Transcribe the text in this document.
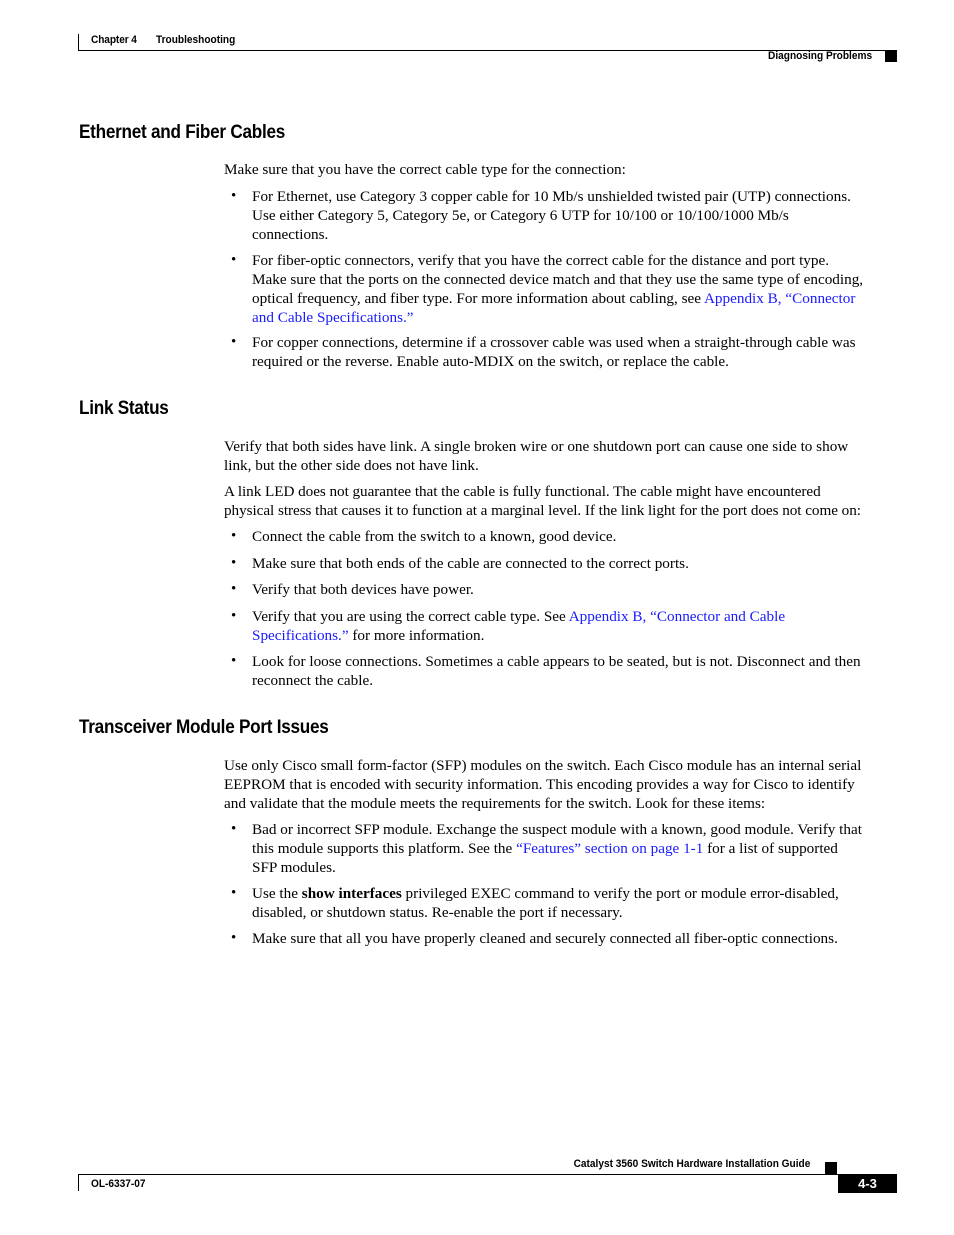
Chapter 4 Troubleshooting
Diagnosing Problems
Ethernet and Fiber Cables

Make sure that you have the correct cable type for the connection:

• For Ethernet, use Category 3 copper cable for 10 Mb/s unshielded twisted pair (UTP) connections.
Use either Category 5, Category 5e, or Category 6 UTP for 10/100 or 10/100/1000 Mb/s
connections.

• For fiber-optic connectors, verify that you have the correct cable for the distance and port type.
Make sure that the ports on the connected device match and that they use the same type of encoding,
optical frequency, and fiber type. For more information about cabling, see Appendix B, “Connector
and Cable Specifications.”

• For copper connections, determine if a crossover cable was used when a straight-through cable was
required or the reverse. Enable auto-MDIX on the switch, or replace the cable.

Link Status

Verify that both sides have link. A single broken wire or one shutdown port can cause one side to show
link, but the other side does not have link.

A link LED does not guarantee that the cable is fully functional. The cable might have encountered
physical stress that causes it to function at a marginal level. If the link light for the port does not come on:

• Connect the cable from the switch to a known, good device.

• Make sure that both ends of the cable are connected to the correct ports.

• Verify that both devices have power.

• Verify that you are using the correct cable type. See Appendix B, “Connector and Cable
Specifications.” for more information.

• Look for loose connections. Sometimes a cable appears to be seated, but is not. Disconnect and then
reconnect the cable.

Transceiver Module Port Issues

Use only Cisco small form-factor (SFP) modules on the switch. Each Cisco module has an internal serial
EEPROM that is encoded with security information. This encoding provides a way for Cisco to identify
and validate that the module meets the requirements for the switch. Look for these items:

• Bad or incorrect SFP module. Exchange the suspect module with a known, good module. Verify that
this module supports this platform. See the “Features” section on page 1-1 for a list of supported
SFP modules.

• Use the show interfaces privileged EXEC command to verify the port or module error-disabled,
disabled, or shutdown status. Re-enable the port if necessary.

• Make sure that all you have properly cleaned and securely connected all fiber-optic connections.

Catalyst 3560 Switch Hardware Installation Guide
OL-6337-07	4-3
